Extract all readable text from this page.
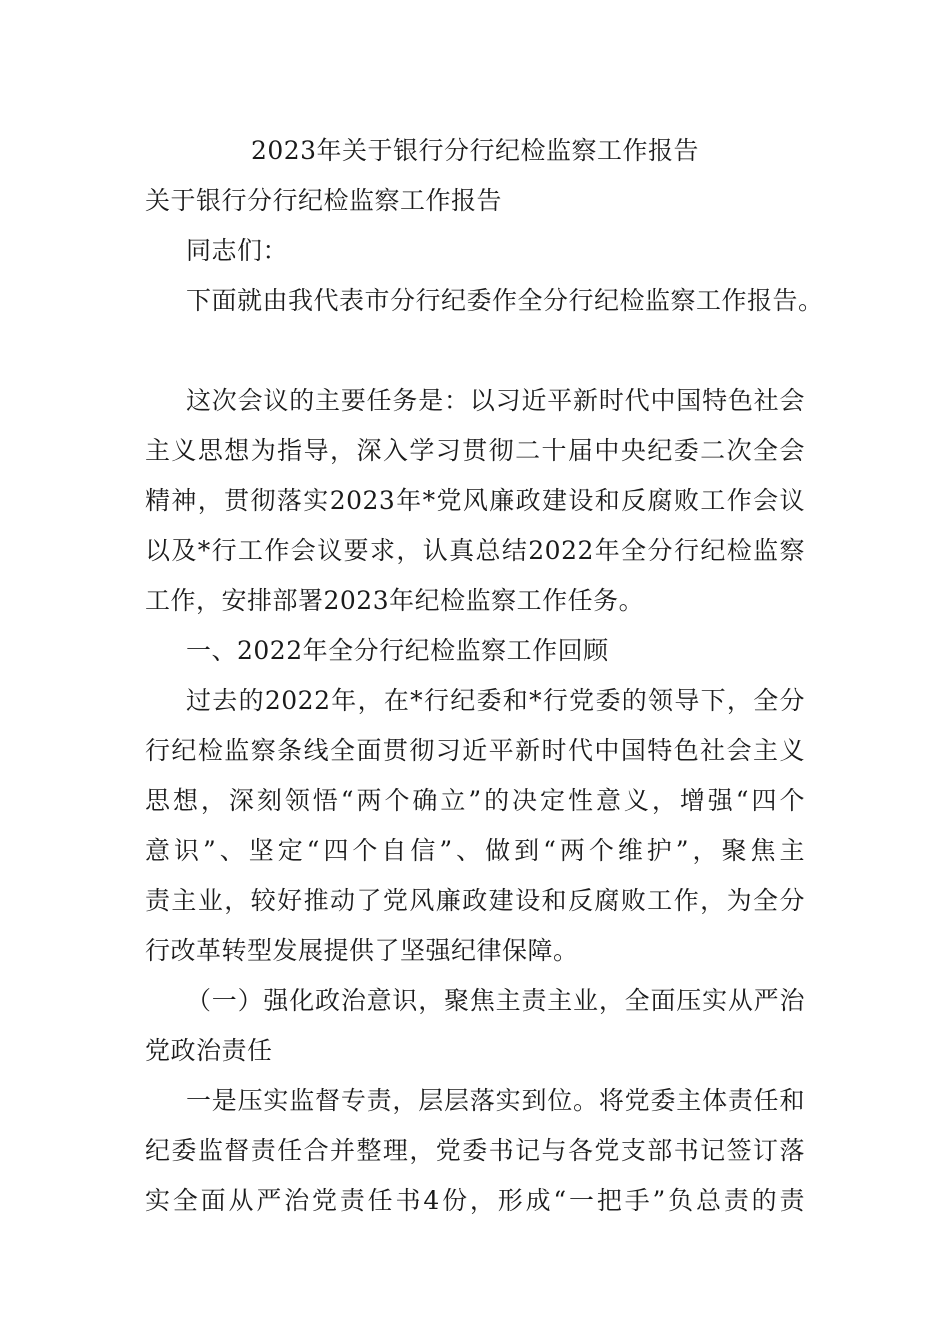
2023年关于银行分行纪检监察工作报告
关于银行分行纪检监察工作报告
同志们：
下面就由我代表市分行纪委作全分行纪检监察工作报告。
这次会议的主要任务是：以习近平新时代中国特色社会
主义思想为指导，深入学习贯彻二十届中央纪委二次全会
精神，贯彻落实2023年*党风廉政建设和反腐败工作会议
以及*行工作会议要求，认真总结2022年全分行纪检监察
工作，安排部署2023年纪检监察工作任务。
一、2022年全分行纪检监察工作回顾
过去的2022年，在*行纪委和*行党委的领导下，全分
行纪检监察条线全面贯彻习近平新时代中国特色社会主义
思想，深刻领悟“两个确立”的决定性意义，增强“四个
意识”、坚定“四个自信”、做到“两个维护”，聚焦主
责主业，较好推动了党风廉政建设和反腐败工作，为全分
行改革转型发展提供了坚强纪律保障。
（一）强化政治意识，聚焦主责主业，全面压实从严治
党政治责任
一是压实监督专责，层层落实到位。将党委主体责任和
纪委监督责任合并整理，党委书记与各党支部书记签订落
实全面从严治党责任书4份，形成“一把手”负总责的责
